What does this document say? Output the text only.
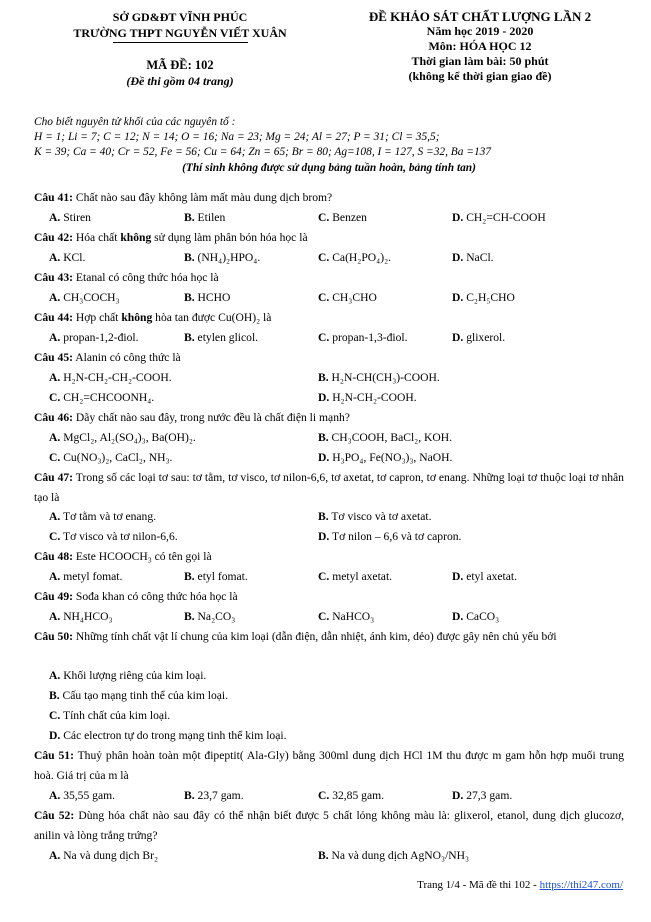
SỞ GD&ĐT VĨNH PHÚC
TRƯỜNG THPT NGUYỄN VIẾT XUÂN
MÃ ĐỀ: 102
(Đề thi gồm 04 trang)
ĐỀ KHẢO SÁT CHẤT LƯỢNG LẦN 2
Năm học 2019 - 2020
Môn: HÓA HỌC 12
Thời gian làm bài: 50 phút
(không kể thời gian giao đề)
Cho biết nguyên tử khối của các nguyên tố :
H = 1; Li = 7; C = 12; N = 14; O = 16; Na = 23; Mg = 24; Al = 27; P = 31; Cl = 35,5;
K = 39; Ca = 40; Cr = 52, Fe = 56; Cu = 64; Zn = 65; Br = 80; Ag=108, I = 127, S =32, Ba =137
(Thí sinh không được sử dụng bảng tuần hoàn, bảng tính tan)
Câu 41: Chất nào sau đây không làm mất màu dung dịch brom?
A. Stiren	B. Etilen	C. Benzen	D. CH₂=CH-COOH
Câu 42: Hóa chất không sử dụng làm phân bón hóa học là
A. KCl.	B. (NH₄)₂HPO₄.	C. Ca(H₂PO₄)₂.	D. NaCl.
Câu 43: Etanal có công thức hóa học là
A. CH₃COCH₃	B. HCHO	C. CH₃CHO	D. C₂H₅CHO
Câu 44: Hợp chất không hòa tan được Cu(OH)₂ là
A. propan-1,2-điol.	B. etylen glicol.	C. propan-1,3-điol.	D. glixerol.
Câu 45: Alanin có công thức là
A. H₂N-CH₂-CH₂-COOH.	B. H₂N-CH(CH₃)-COOH.
C. CH₂=CHCOONH₄.	D. H₂N-CH₂-COOH.
Câu 46: Dãy chất nào sau đây, trong nước đều là chất điện li mạnh?
A. MgCl₂, Al₂(SO₄)₃, Ba(OH)₂.	B. CH₃COOH, BaCl₂, KOH.
C. Cu(NO₃)₂, CaCl₂, NH₃.	D. H₃PO₄, Fe(NO₃)₃, NaOH.
Câu 47: Trong số các loại tơ sau: tơ tằm, tơ visco, tơ nilon-6,6, tơ axetat, tơ capron, tơ enang. Những loại tơ thuộc loại tơ nhân tạo là
A. Tơ tằm và tơ enang.	B. Tơ visco và tơ axetat.
C. Tơ visco và tơ nilon-6,6.	D. Tơ nilon – 6,6 và tơ capron.
Câu 48: Este HCOOCH₃ có tên gọi là
A. metyl fomat.	B. etyl fomat.	C. metyl axetat.	D. etyl axetat.
Câu 49: Sođa khan có công thức hóa học là
A. NH₄HCO₃	B. Na₂CO₃	C. NaHCO₃	D. CaCO₃
Câu 50: Những tính chất vật lí chung của kim loại (dẫn điện, dẫn nhiệt, ánh kim, dẻo) được gây nên chủ yếu bởi
A. Khối lượng riêng của kim loại.
B. Cấu tạo mạng tinh thể của kim loại.
C. Tính chất của kim loại.
D. Các electron tự do trong mạng tinh thể kim loại.
Câu 51: Thuỷ phân hoàn toàn một đipeptit( Ala-Gly) bằng 300ml dung dịch HCl 1M thu được m gam hỗn hợp muối trung hoà. Giá trị của m là
A. 35,55 gam.	B. 23,7 gam.	C. 32,85 gam.	D. 27,3 gam.
Câu 52: Dùng hóa chất nào sau đây có thể nhận biết được 5 chất lỏng không màu là: glixerol, etanol, dung dịch glucozơ, anilin và lòng trắng trứng?
A. Na và dung dịch Br₂	B. Na và dung dịch AgNO₃/NH₃
Trang 1/4 - Mã đề thi 102 - https://thi247.com/
